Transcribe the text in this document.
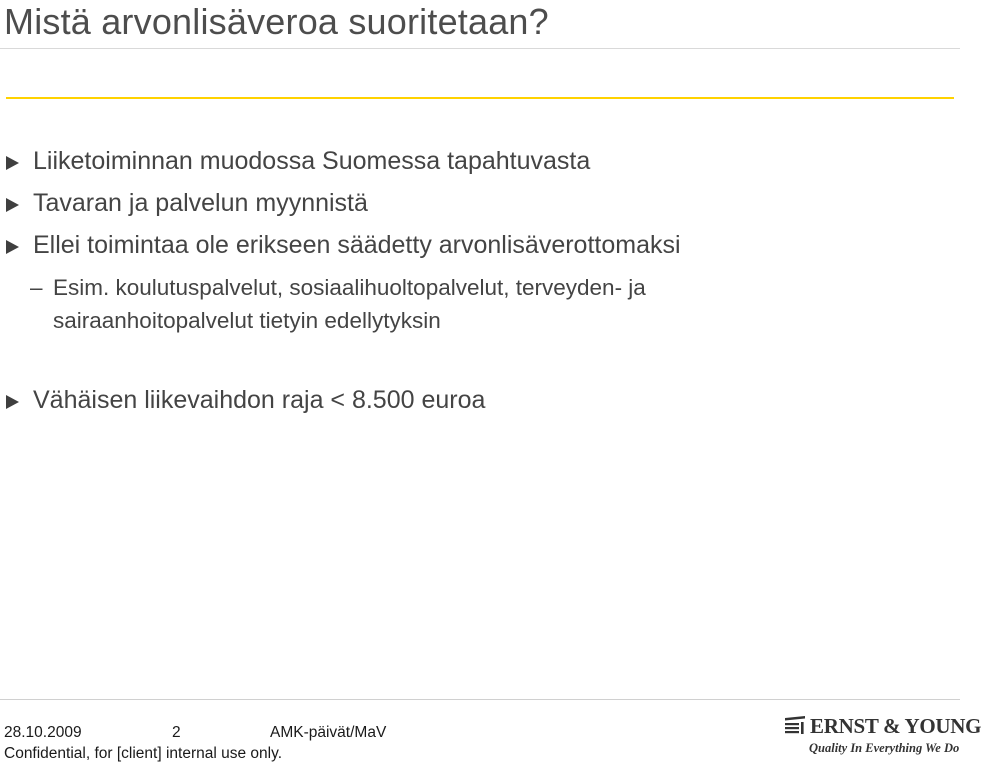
Mistä arvonlisäveroa suoritetaan?
Liiketoiminnan muodossa Suomessa tapahtuvasta
Tavaran ja palvelun myynnistä
Ellei toimintaa ole erikseen säädetty arvonlisäverottomaksi
– Esim. koulutuspalvelut, sosiaalihuoltopalvelut, terveyden- ja sairaanhoitopalvelut tietyin edellytyksin
Vähäisen liikevaihdon raja < 8.500 euroa
28.10.2009	2	AMK-päivät/MaV
Confidential, for [client] internal use only.
ERNST & YOUNG
Quality In Everything We Do
